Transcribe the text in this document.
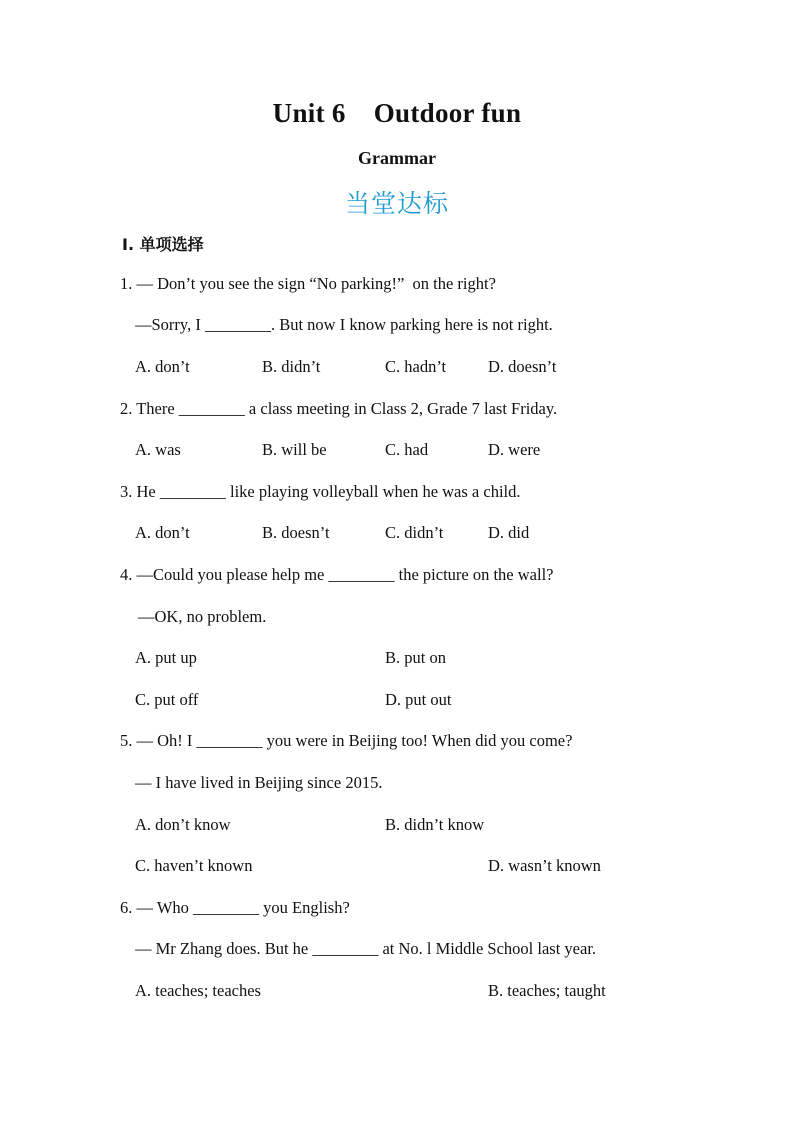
Unit 6 Outdoor fun
Grammar
当堂达标
Ⅰ. 单项选择
1. — Don’t you see the sign “No parking!”  on the right?
—Sorry, I ________. But now I know parking here is not right.
A. don’t	B. didn’t	C. hadn’t	D. doesn’t
2. There ________ a class meeting in Class 2, Grade 7 last Friday.
A. was	B. will be	C. had	D. were
3. He ________ like playing volleyball when he was a child.
A. don’t	B. doesn’t	C. didn’t	D. did
4. —Could you please help me ________ the picture on the wall?
—OK, no problem.
A. put up	B. put on
C. put off	D. put out
5. — Oh! I ________ you were in Beijing too! When did you come?
— I have lived in Beijing since 2015.
A. don’t know	B. didn’t know
C. haven’t known	D. wasn’t known
6. — Who ________ you English?
— Mr Zhang does. But he ________ at No. l Middle School last year.
A. teaches; teaches	B. teaches; taught
